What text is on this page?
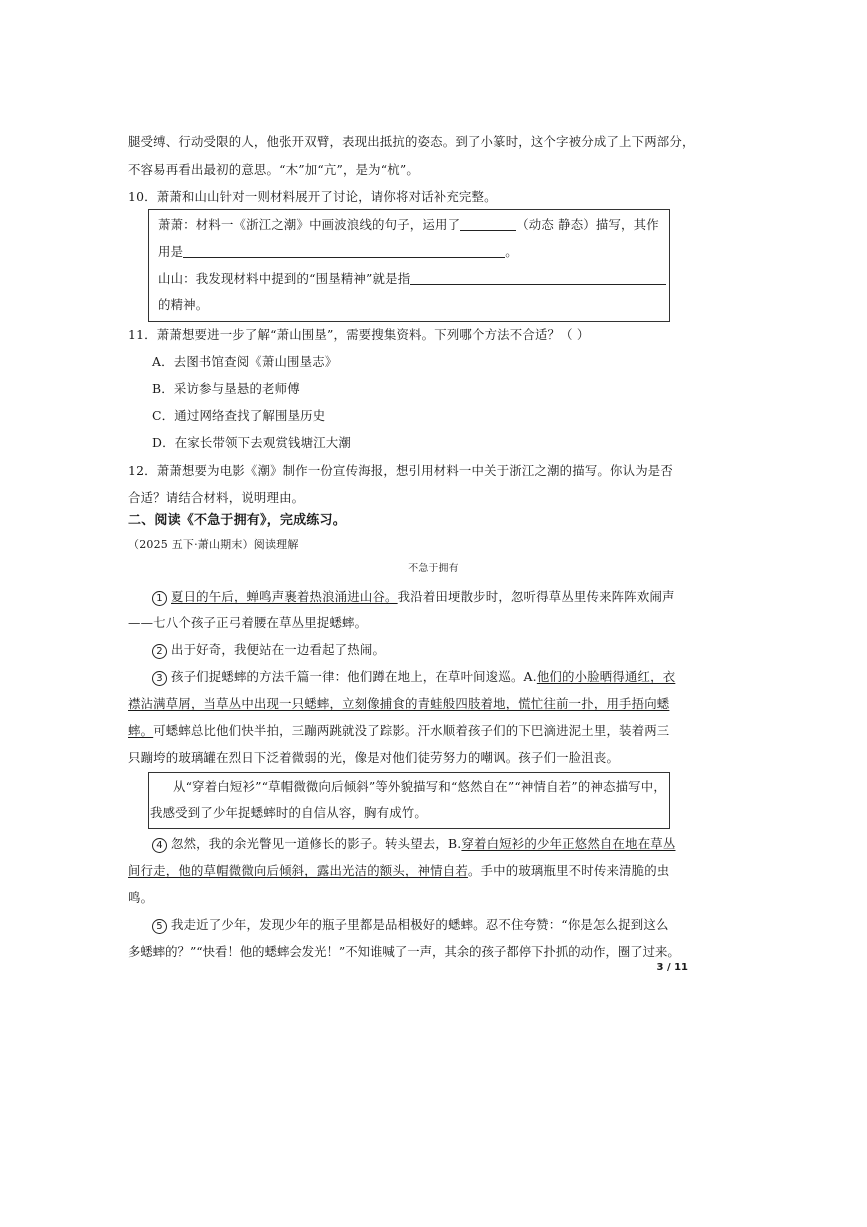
腿受缚、行动受限的人，他张开双臂，表现出抵抗的姿态。到了小篆时，这个字被分成了上下两部分，
不容易再看出最初的意思。“木”加“亢”，是为“杭”。
10．萧萧和山山针对一则材料展开了讨论，请你将对话补充完整。
萧萧：材料一《浙江之潮》中画波浪线的句子，运用了	（动态 静态）描写，其作
用是	。
山山：我发现材料中提到的“围垦精神”就是指
的精神。
11．萧萧想要进一步了解“萧山围垦”，需要搜集资料。下列哪个方法不合适？（ ）
A．去图书馆查阅《萧山围垦志》
B．采访参与垦悬的老师傅
C．通过网络查找了解围垦历史
D．在家长带领下去观赏钱塘江大潮
12．萧萧想要为电影《潮》制作一份宣传海报，想引用材料一中关于浙江之潮的描写。你认为是否
合适？请结合材料，说明理由。
二、阅读《不急于拥有》，完成练习。
（2025 五下·萧山期末）阅读理解
不急于拥有
1 夏日的午后，蝉鸣声裹着热浪涌进山谷。我沿着田埂散步时，忽听得草丛里传来阵阵欢闹声
——七八个孩子正弓着腰在草丛里捉蟋蟀。
2 出于好奇，我便站在一边看起了热闹。
3 孩子们捉蟋蟀的方法千篇一律：他们蹲在地上，在草叶间逡巡。A.他们的小脸晒得通红，衣
襟沾满草屑，当草丛中出现一只蟋蟀，立刻像捕食的青蛙般四肢着地，慌忙往前一扑，用手捂向蟋
蟀。可蟋蟀总比他们快半拍，三蹦两跳就没了踪影。汗水顺着孩子们的下巴滴进泥土里，装着两三
只蹦垮的玻璃罐在烈日下泛着微弱的光，像是对他们徒劳努力的嘲讽。孩子们一脸沮丧。
从“穿着白短衫”“草帽微微向后倾斜”等外貌描写和“悠然自在”“神情自若”的神态描写中，
我感受到了少年捉蟋蟀时的自信从容，胸有成竹。
4 忽然，我的余光瞥见一道修长的影子。转头望去，B.穿着白短衫的少年正悠然自在地在草丛
间行走，他的草帽微微向后倾斜，露出光洁的额头，神情自若。手中的玻璃瓶里不时传来清脆的虫
鸣。
5 我走近了少年，发现少年的瓶子里都是品相极好的蟋蟀。忍不住夸赞：“你是怎么捉到这么
多蟋蟀的？”“快看！他的蟋蟀会发光！”不知谁喊了一声，其余的孩子都停下扑抓的动作，圈了过来。
3 / 11
